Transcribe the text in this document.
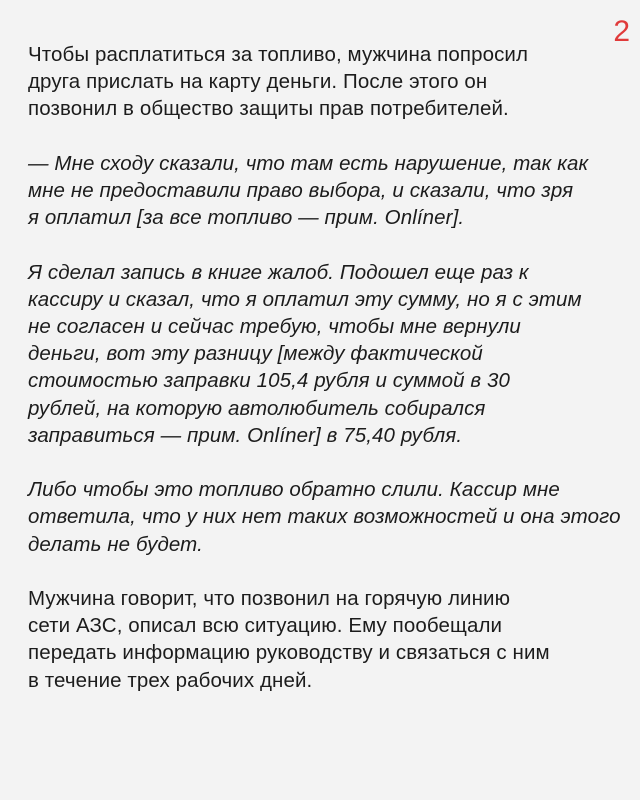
2

Чтобы расплатиться за топливо, мужчина попросил
друга прислать на карту деньги. После этого он
позвонил в общество защиты прав потребителей.

— Мне сходу сказали, что там есть нарушение, так как
мне не предоставили право выбора, и сказали, что зря
я оплатил [за все топливо — прим. Onlíner].

Я сделал запись в книге жалоб. Подошел еще раз к
кассиру и сказал, что я оплатил эту сумму, но я с этим
не согласен и сейчас требую, чтобы мне вернули
деньги, вот эту разницу [между фактической
стоимостью заправки 105,4 рубля и суммой в 30
рублей, на которую автолюбитель собирался
заправиться — прим. Onlíner] в 75,40 рубля.

Либо чтобы это топливо обратно слили. Кассир мне
ответила, что у них нет таких возможностей и она этого
делать не будет.

Мужчина говорит, что позвонил на горячую линию
сети АЗС, описал всю ситуацию. Ему пообещали
передать информацию руководству и связаться с ним
в течение трех рабочих дней.
